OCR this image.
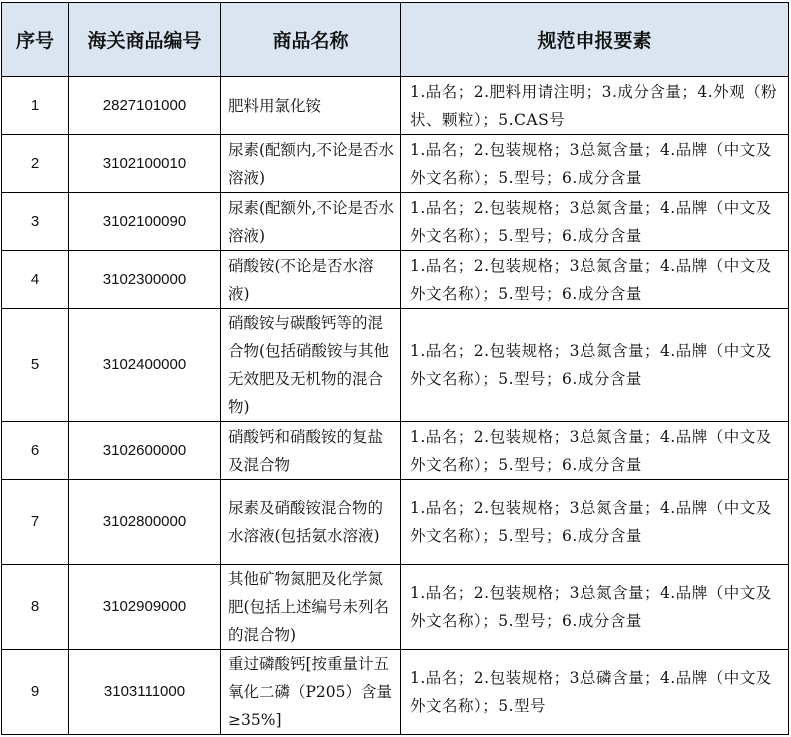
序号	海关商品编号	商品名称	规范申报要素
1	2827101000	肥料用氯化铵	1.品名；2.肥料用请注明；3.成分含量；4.外观（粉状、颗粒）；5.CAS号
2	3102100010	尿素(配额内,不论是否水溶液)	1.品名；2.包装规格；3总氮含量；4.品牌（中文及外文名称）；5.型号；6.成分含量
3	3102100090	尿素(配额外,不论是否水溶液)	1.品名；2.包装规格；3总氮含量；4.品牌（中文及外文名称）；5.型号；6.成分含量
4	3102300000	硝酸铵(不论是否水溶液)	1.品名；2.包装规格；3总氮含量；4.品牌（中文及外文名称）；5.型号；6.成分含量
5	3102400000	硝酸铵与碳酸钙等的混合物(包括硝酸铵与其他无效肥及无机物的混合物)	1.品名；2.包装规格；3总氮含量；4.品牌（中文及外文名称）；5.型号；6.成分含量
6	3102600000	硝酸钙和硝酸铵的复盐及混合物	1.品名；2.包装规格；3总氮含量；4.品牌（中文及外文名称）；5.型号；6.成分含量
7	3102800000	尿素及硝酸铵混合物的水溶液(包括氨水溶液)	1.品名；2.包装规格；3总氮含量；4.品牌（中文及外文名称）；5.型号；6.成分含量
8	3102909000	其他矿物氮肥及化学氮肥(包括上述编号未列名的混合物)	1.品名；2.包装规格；3总氮含量；4.品牌（中文及外文名称）；5.型号；6.成分含量
9	3103111000	重过磷酸钙[按重量计五氧化二磷（P205）含量≥35%]	1.品名；2.包装规格；3总磷含量；4.品牌（中文及外文名称）；5.型号
